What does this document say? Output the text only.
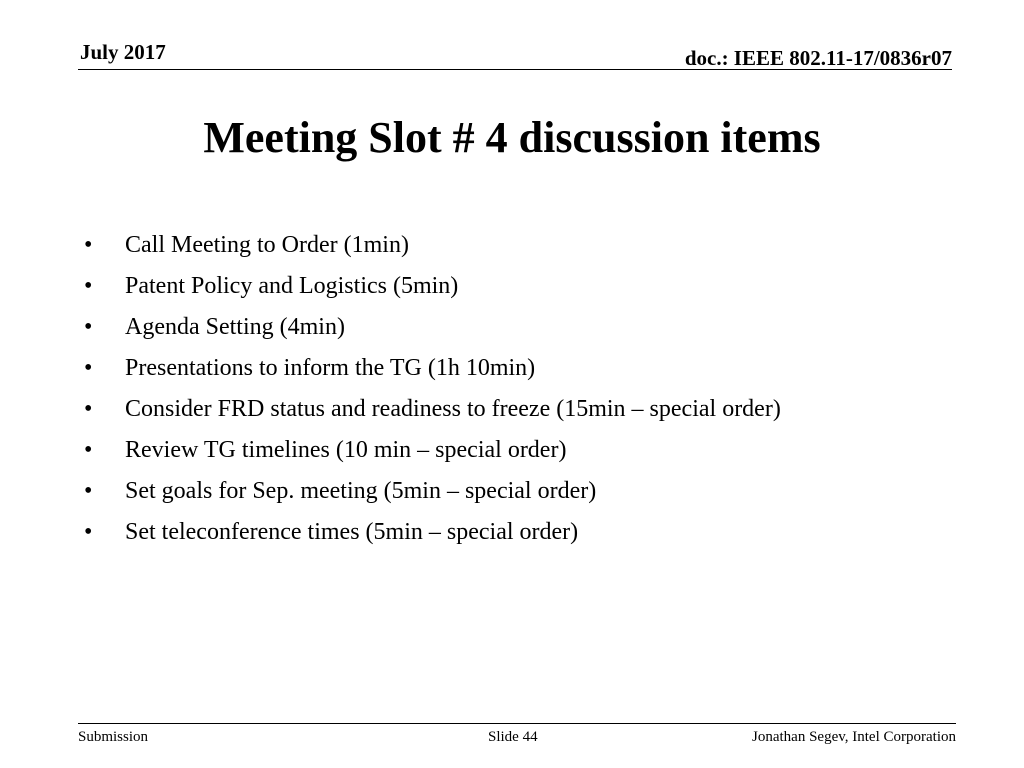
July 2017	doc.: IEEE 802.11-17/0836r07
Meeting Slot # 4 discussion items
• Call Meeting to Order (1min)
• Patent Policy and Logistics (5min)
• Agenda Setting (4min)
• Presentations to inform the TG (1h 10min)
• Consider FRD status and readiness to freeze (15min – special order)
• Review TG timelines (10 min – special order)
• Set goals for Sep. meeting (5min – special order)
• Set teleconference times (5min – special order)
Submission	Slide 44	Jonathan Segev, Intel Corporation
